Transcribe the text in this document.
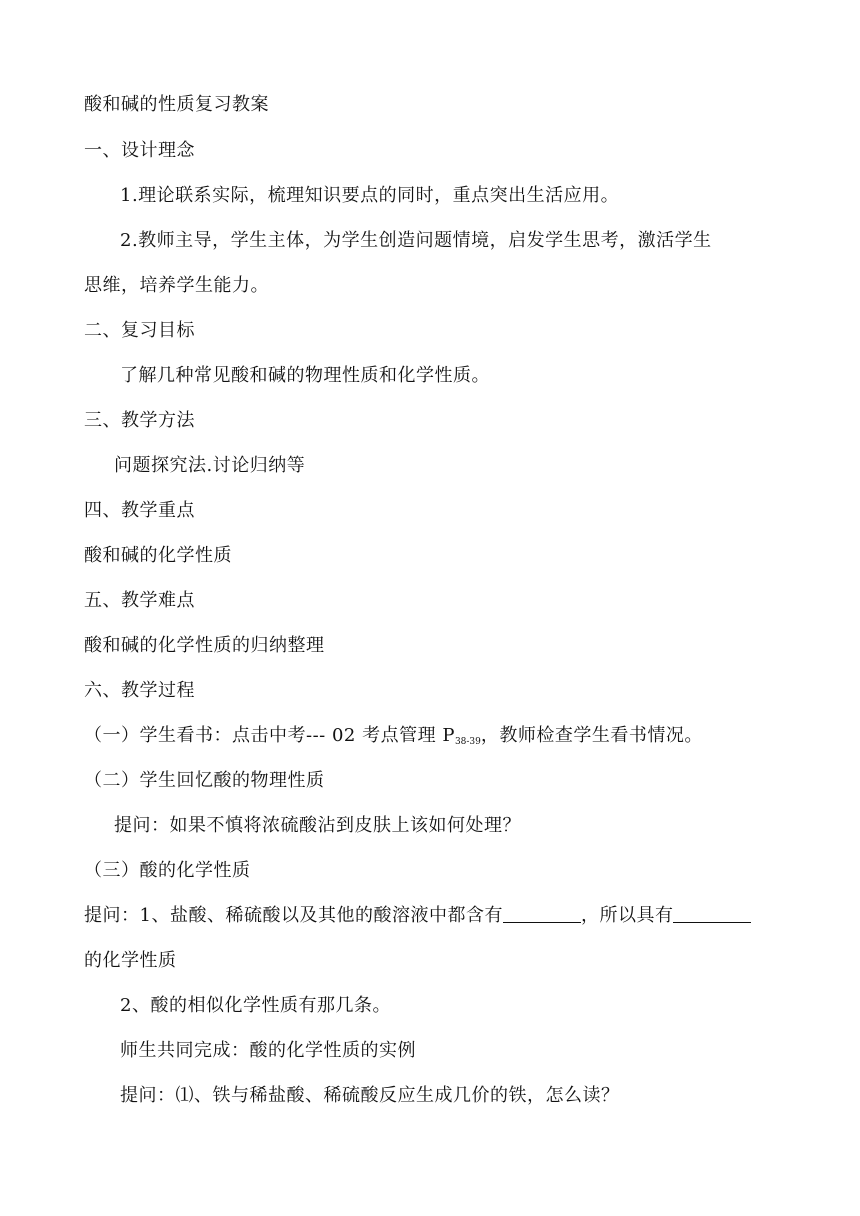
酸和碱的性质复习教案
一、设计理念
1.理论联系实际，梳理知识要点的同时，重点突出生活应用。
2.教师主导，学生主体，为学生创造问题情境，启发学生思考，激活学生
思维，培养学生能力。
二、复习目标
了解几种常见酸和碱的物理性质和化学性质。
三、教学方法
问题探究法.讨论归纳等
四、教学重点
酸和碱的化学性质
五、教学难点
酸和碱的化学性质的归纳整理
六、教学过程
（一）学生看书：点击中考--- 02 考点管理 $P_{38-39}$，教师检查学生看书情况。
（二）学生回忆酸的物理性质
提问：如果不慎将浓硫酸沾到皮肤上该如何处理？
（三）酸的化学性质
提问：1、盐酸、稀硫酸以及其他的酸溶液中都含有	，所以具有
的化学性质
2、酸的相似化学性质有那几条。
师生共同完成：酸的化学性质的实例
提问：⑴、铁与稀盐酸、稀硫酸反应生成几价的铁，怎么读？
